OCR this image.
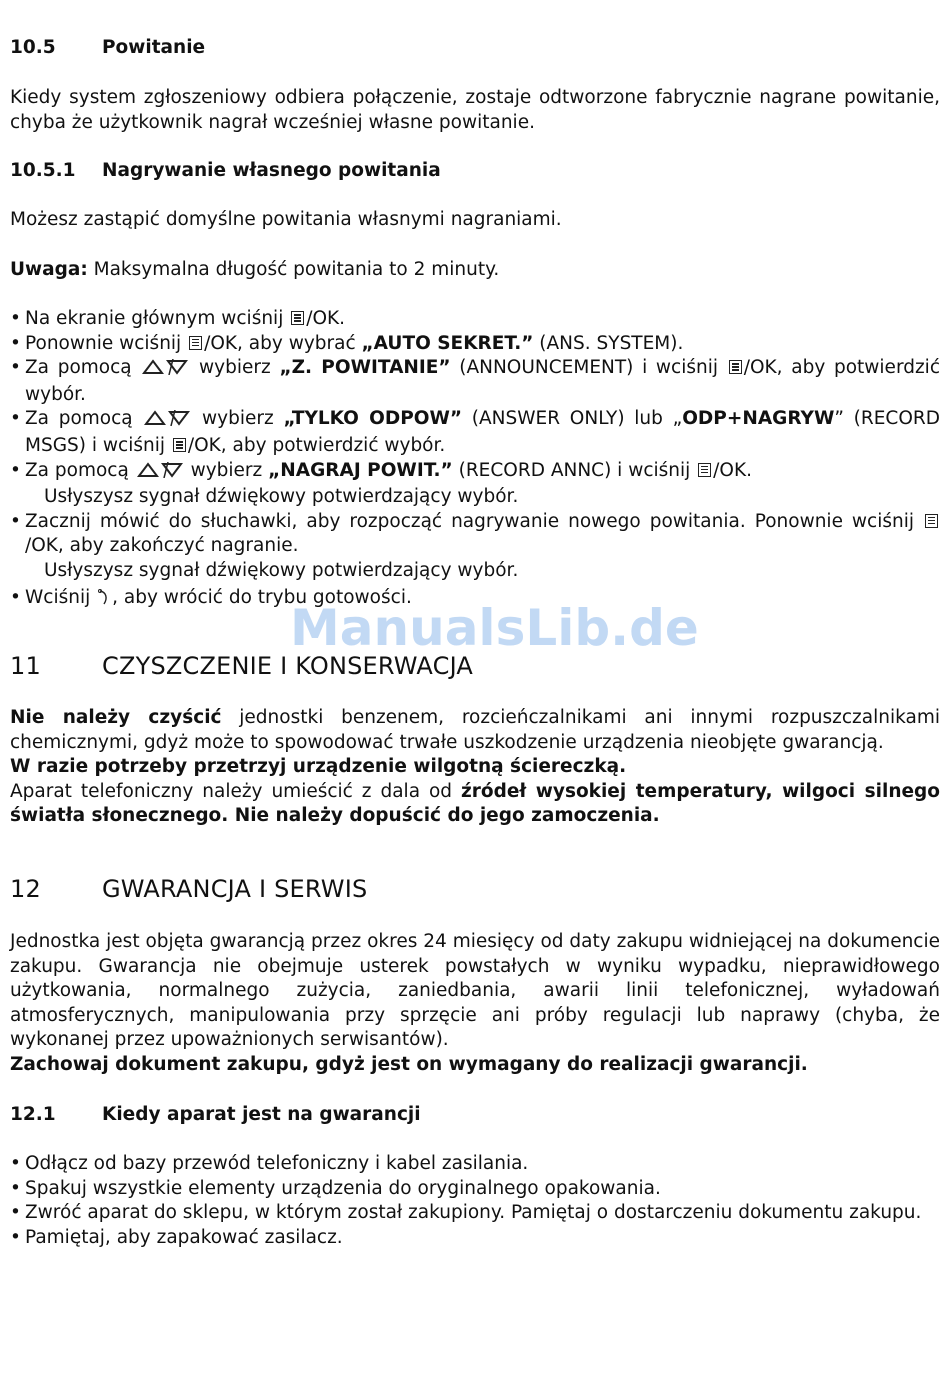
10.5	Powitanie
Kiedy system zgłoszeniowy odbiera połączenie, zostaje odtworzone fabrycznie nagrane powitanie, chyba że użytkownik nagrał wcześniej własne powitanie.
10.5.1 Nagrywanie własnego powitania
Możesz zastąpić domyślne powitania własnymi nagraniami.
Uwaga: Maksymalna długość powitania to 2 minuty.
• Na ekranie głównym wciśnij /OK.
• Ponownie wciśnij /OK, aby wybrać „AUTO SEKRET.” (ANS. SYSTEM).
• Za pomocą	wybierz „Z. POWITANIE” (ANNOUNCEMENT) i wciśnij /OK, aby potwierdzić wybór.
• Za pomocą	wybierz „TYLKO ODPOW” (ANSWER ONLY) lub „ODP+NAGRYW” (RECORD MSGS) i wciśnij /OK, aby potwierdzić wybór.
• Za pomocą	wybierz „NAGRAJ POWIT.” (RECORD ANNC) i wciśnij /OK.
Usłyszysz sygnał dźwiękowy potwierdzający wybór.
• Zacznij mówić do słuchawki, aby rozpocząć nagrywanie nowego powitania. Ponownie wciśnij /OK, aby zakończyć nagranie.
Usłyszysz sygnał dźwiękowy potwierdzający wybór.
• Wciśnij , aby wrócić do trybu gotowości.
11	CZYSZCZENIE I KONSERWACJA

Nie należy czyścić jednostki benzenem, rozcieńczalnikami ani innymi rozpuszczalnikami chemicznymi, gdyż może to spowodować trwałe uszkodzenie urządzenia nieobjęte gwarancją.

W razie potrzeby przetrzyj urządzenie wilgotną ściereczką.

Aparat telefoniczny należy umieścić z dala od źródeł wysokiej temperatury, wilgoci silnego światła słonecznego. Nie należy dopuścić do jego zamoczenia.

12	GWARANCJA I SERWIS

Jednostka jest objęta gwarancją przez okres 24 miesięcy od daty zakupu widniejącej na dokumencie zakupu. Gwarancja nie obejmuje usterek powstałych w wyniku wypadku, nieprawidłowego użytkowania, normalnego zużycia, zaniedbania, awarii linii telefonicznej, wyładowań atmosferycznych, manipulowania przy sprzęcie ani próby regulacji lub naprawy (chyba, że wykonanej przez upoważnionych serwisantów).

Zachowaj dokument zakupu, gdyż jest on wymagany do realizacji gwarancji.

12.1	Kiedy aparat jest na gwarancji
• Odłącz od bazy przewód telefoniczny i kabel zasilania.
• Spakuj wszystkie elementy urządzenia do oryginalnego opakowania.
• Zwróć aparat do sklepu, w którym został zakupiony. Pamiętaj o dostarczeniu dokumentu zakupu.
• Pamiętaj, aby zapakować zasilacz.
ManualsLib.de
